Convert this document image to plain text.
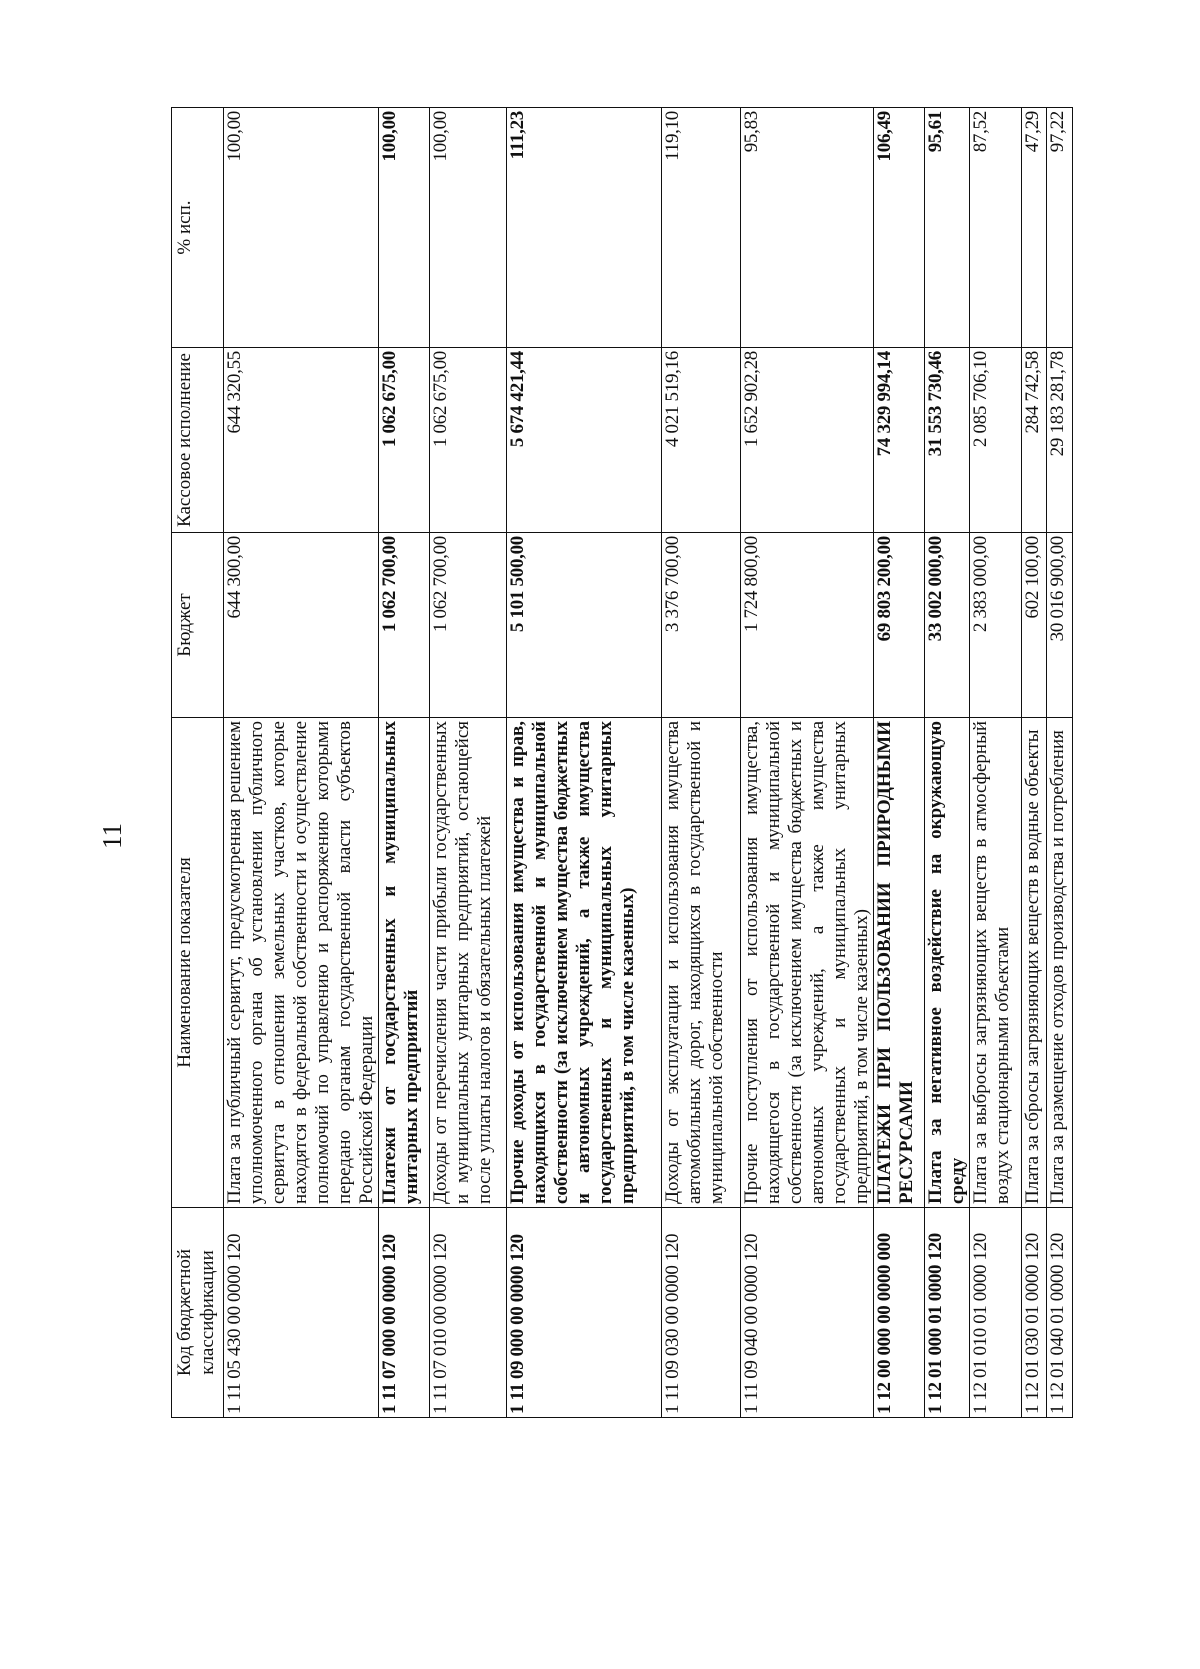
11
Код бюджетной классификации	Наименование показателя	Бюджет	Кассовое исполнение	% исп.
1 11 05 430 00 0000 120	Плата за публичный сервитут, предусмотренная решением уполномоченного органа об установлении публичного сервитута в отношении земельных участков, которые находятся в федеральной собственности и осуществление полномочий по управлению и распоряжению которыми передано органам государственной власти субъектов Российской Федерации	644 300,00	644 320,55	100,00
1 11 07 000 00 0000 120	Платежи от государственных и муниципальных унитарных предприятий	1 062 700,00	1 062 675,00	100,00
1 11 07 010 00 0000 120	Доходы от перечисления части прибыли государственных и муниципальных унитарных предприятий, остающейся после уплаты налогов и обязательных платежей	1 062 700,00	1 062 675,00	100,00
1 11 09 000 00 0000 120	Прочие доходы от использования имущества и прав, находящихся в государственной и муниципальной собственности (за исключением имущества бюджетных и автономных учреждений, а также имущества государственных и муниципальных унитарных предприятий, в том числе казенных)	5 101 500,00	5 674 421,44	111,23
1 11 09 030 00 0000 120	Доходы от эксплуатации и использования имущества автомобильных дорог, находящихся в государственной и муниципальной собственности	3 376 700,00	4 021 519,16	119,10
1 11 09 040 00 0000 120	Прочие поступления от использования имущества, находящегося в государственной и муниципальной собственности (за исключением имущества бюджетных и автономных учреждений, а также имущества государственных и муниципальных унитарных предприятий, в том числе казенных)	1 724 800,00	1 652 902,28	95,83
1 12 00 000 00 0000 000	ПЛАТЕЖИ ПРИ ПОЛЬЗОВАНИИ ПРИРОДНЫМИ РЕСУРСАМИ	69 803 200,00	74 329 994,14	106,49
1 12 01 000 01 0000 120	Плата за негативное воздействие на окружающую среду	33 002 000,00	31 553 730,46	95,61
1 12 01 010 01 0000 120	Плата за выбросы загрязняющих веществ в атмосферный воздух стационарными объектами	2 383 000,00	2 085 706,10	87,52
1 12 01 030 01 0000 120	Плата за сбросы загрязняющих веществ в водные объекты	602 100,00	284 742,58	47,29
1 12 01 040 01 0000 120	Плата за размещение отходов производства и потребления	30 016 900,00	29 183 281,78	97,22
